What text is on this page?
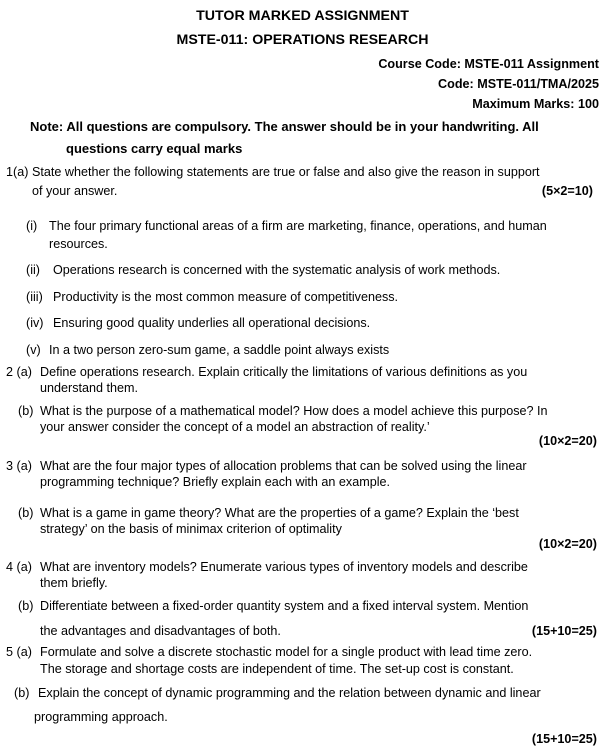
TUTOR MARKED ASSIGNMENT
MSTE-011: OPERATIONS RESEARCH
Course Code: MSTE-011 Assignment
Code: MSTE-011/TMA/2025
Maximum Marks: 100
Note: All questions are compulsory. The answer should be in your handwriting. All
questions carry equal marks
1(a) State whether the following statements are true or false and also give the reason in support
of your answer.	(5×2=10)
(i) The four primary functional areas of a firm are marketing, finance, operations, and human
resources.
(ii) Operations research is concerned with the systematic analysis of work methods.
(iii) Productivity is the most common measure of competitiveness.
(iv) Ensuring good quality underlies all operational decisions.
(v) In a two person zero-sum game, a saddle point always exists
2 (a) Define operations research. Explain critically the limitations of various definitions as you
understand them.
(b) What is the purpose of a mathematical model? How does a model achieve this purpose? In
your answer consider the concept of a model an abstraction of reality.’
(10×2=20)
3 (a) What are the four major types of allocation problems that can be solved using the linear
programming technique? Briefly explain each with an example.
(b) What is a game in game theory? What are the properties of a game? Explain the ‘best
strategy’ on the basis of minimax criterion of optimality
(10×2=20)
4 (a) What are inventory models? Enumerate various types of inventory models and describe
them briefly.
(b) Differentiate between a fixed-order quantity system and a fixed interval system. Mention
the advantages and disadvantages of both.	(15+10=25)
5 (a) Formulate and solve a discrete stochastic model for a single product with lead time zero.
The storage and shortage costs are independent of time. The set-up cost is constant.
(b) Explain the concept of dynamic programming and the relation between dynamic and linear
programming approach.
(15+10=25)
